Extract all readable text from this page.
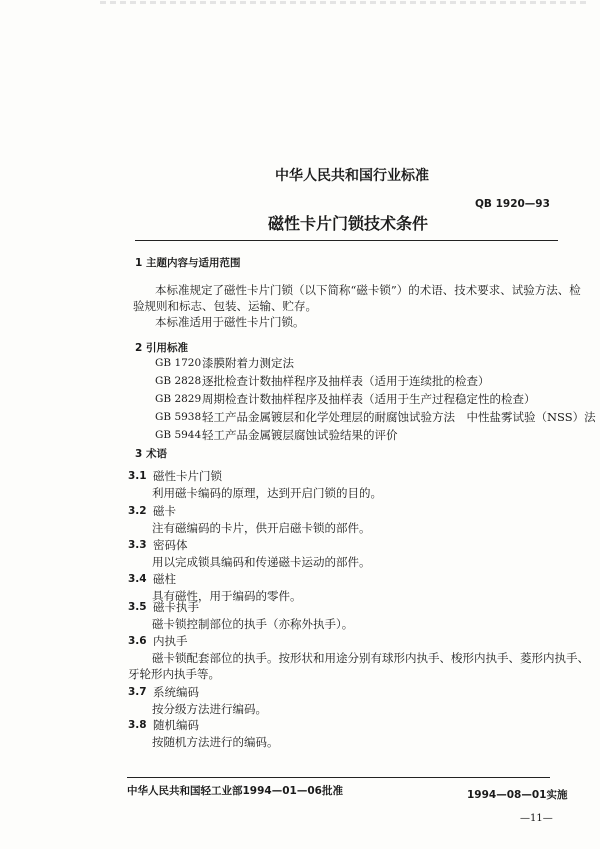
中华人民共和国行业标准
QB 1920—93
磁性卡片门锁技术条件
1 主题内容与适用范围
本标准规定了磁性卡片门锁（以下简称“磁卡锁”）的术语、技术要求、试验方法、检
验规则和标志、包装、运输、贮存。
本标准适用于磁性卡片门锁。
2 引用标准
GB 1720 漆膜附着力测定法
GB 2828 逐批检查计数抽样程序及抽样表（适用于连续批的检查）
GB 2829 周期检查计数抽样程序及抽样表（适用于生产过程稳定性的检查）
GB 5938 轻工产品金属镀层和化学处理层的耐腐蚀试验方法　中性盐雾试验（NSS）法
GB 5944 轻工产品金属镀层腐蚀试验结果的评价
3 术语
3.1 磁性卡片门锁
利用磁卡编码的原理，达到开启门锁的目的。
3.2 磁卡
注有磁编码的卡片，供开启磁卡锁的部件。
3.3 密码体
用以完成锁具编码和传递磁卡运动的部件。
3.4 磁柱
具有磁性，用于编码的零件。
3.5 磁卡执手
磁卡锁控制部位的执手（亦称外执手）。
3.6 内执手
磁卡锁配套部位的执手。按形状和用途分别有球形内执手、梭形内执手、菱形内执手、
牙轮形内执手等。
3.7 系统编码
按分级方法进行编码。
3.8 随机编码
按随机方法进行的编码。
中华人民共和国轻工业部1994—01—06批准	1994—08—01实施
—11—
